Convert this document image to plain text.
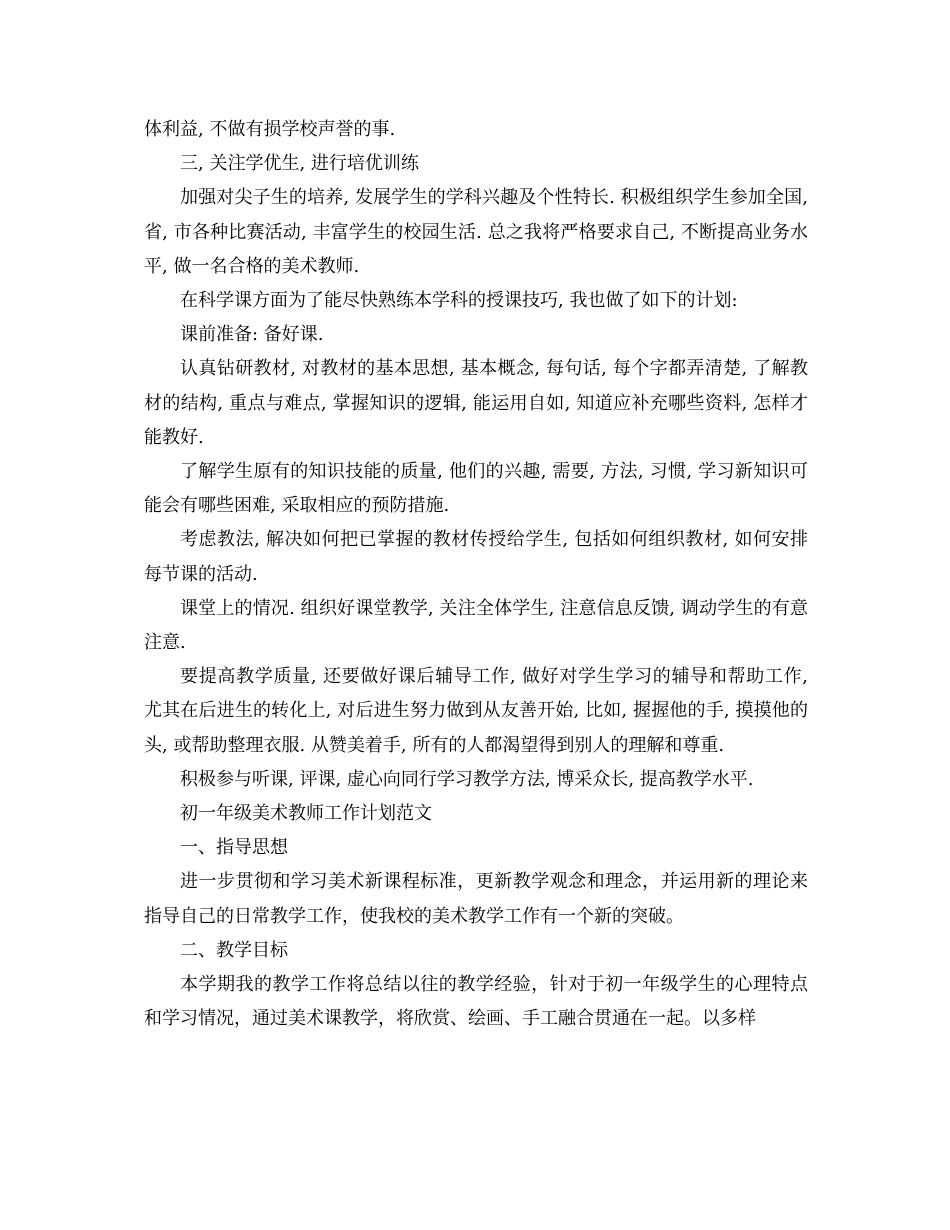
体利益, 不做有损学校声誉的事.

三, 关注学优生, 进行培优训练

加强对尖子生的培养, 发展学生的学科兴趣及个性特长. 积极组织学生参加全国, 省, 市各种比赛活动, 丰富学生的校园生活. 总之我将严格要求自己, 不断提高业务水平, 做一名合格的美术教师.

在科学课方面为了能尽快熟练本学科的授课技巧, 我也做了如下的计划:

课前准备: 备好课.

认真钻研教材, 对教材的基本思想, 基本概念, 每句话, 每个字都弄清楚, 了解教材的结构, 重点与难点, 掌握知识的逻辑, 能运用自如, 知道应补充哪些资料, 怎样才能教好.

了解学生原有的知识技能的质量, 他们的兴趣, 需要, 方法, 习惯, 学习新知识可能会有哪些困难, 采取相应的预防措施.

考虑教法, 解决如何把已掌握的教材传授给学生, 包括如何组织教材, 如何安排每节课的活动.

课堂上的情况. 组织好课堂教学, 关注全体学生, 注意信息反馈, 调动学生的有意注意.

要提高教学质量, 还要做好课后辅导工作, 做好对学生学习的辅导和帮助工作, 尤其在后进生的转化上, 对后进生努力做到从友善开始, 比如, 握握他的手, 摸摸他的头, 或帮助整理衣服. 从赞美着手, 所有的人都渴望得到别人的理解和尊重.

积极参与听课, 评课, 虚心向同行学习教学方法, 博采众长, 提高教学水平.

初一年级美术教师工作计划范文

一、指导思想

进一步贯彻和学习美术新课程标准，更新教学观念和理念，并运用新的理论来指导自己的日常教学工作，使我校的美术教学工作有一个新的突破。

二、教学目标

本学期我的教学工作将总结以往的教学经验，针对于初一年级学生的心理特点和学习情况，通过美术课教学，将欣赏、绘画、手工融合贯通在一起。以多样
